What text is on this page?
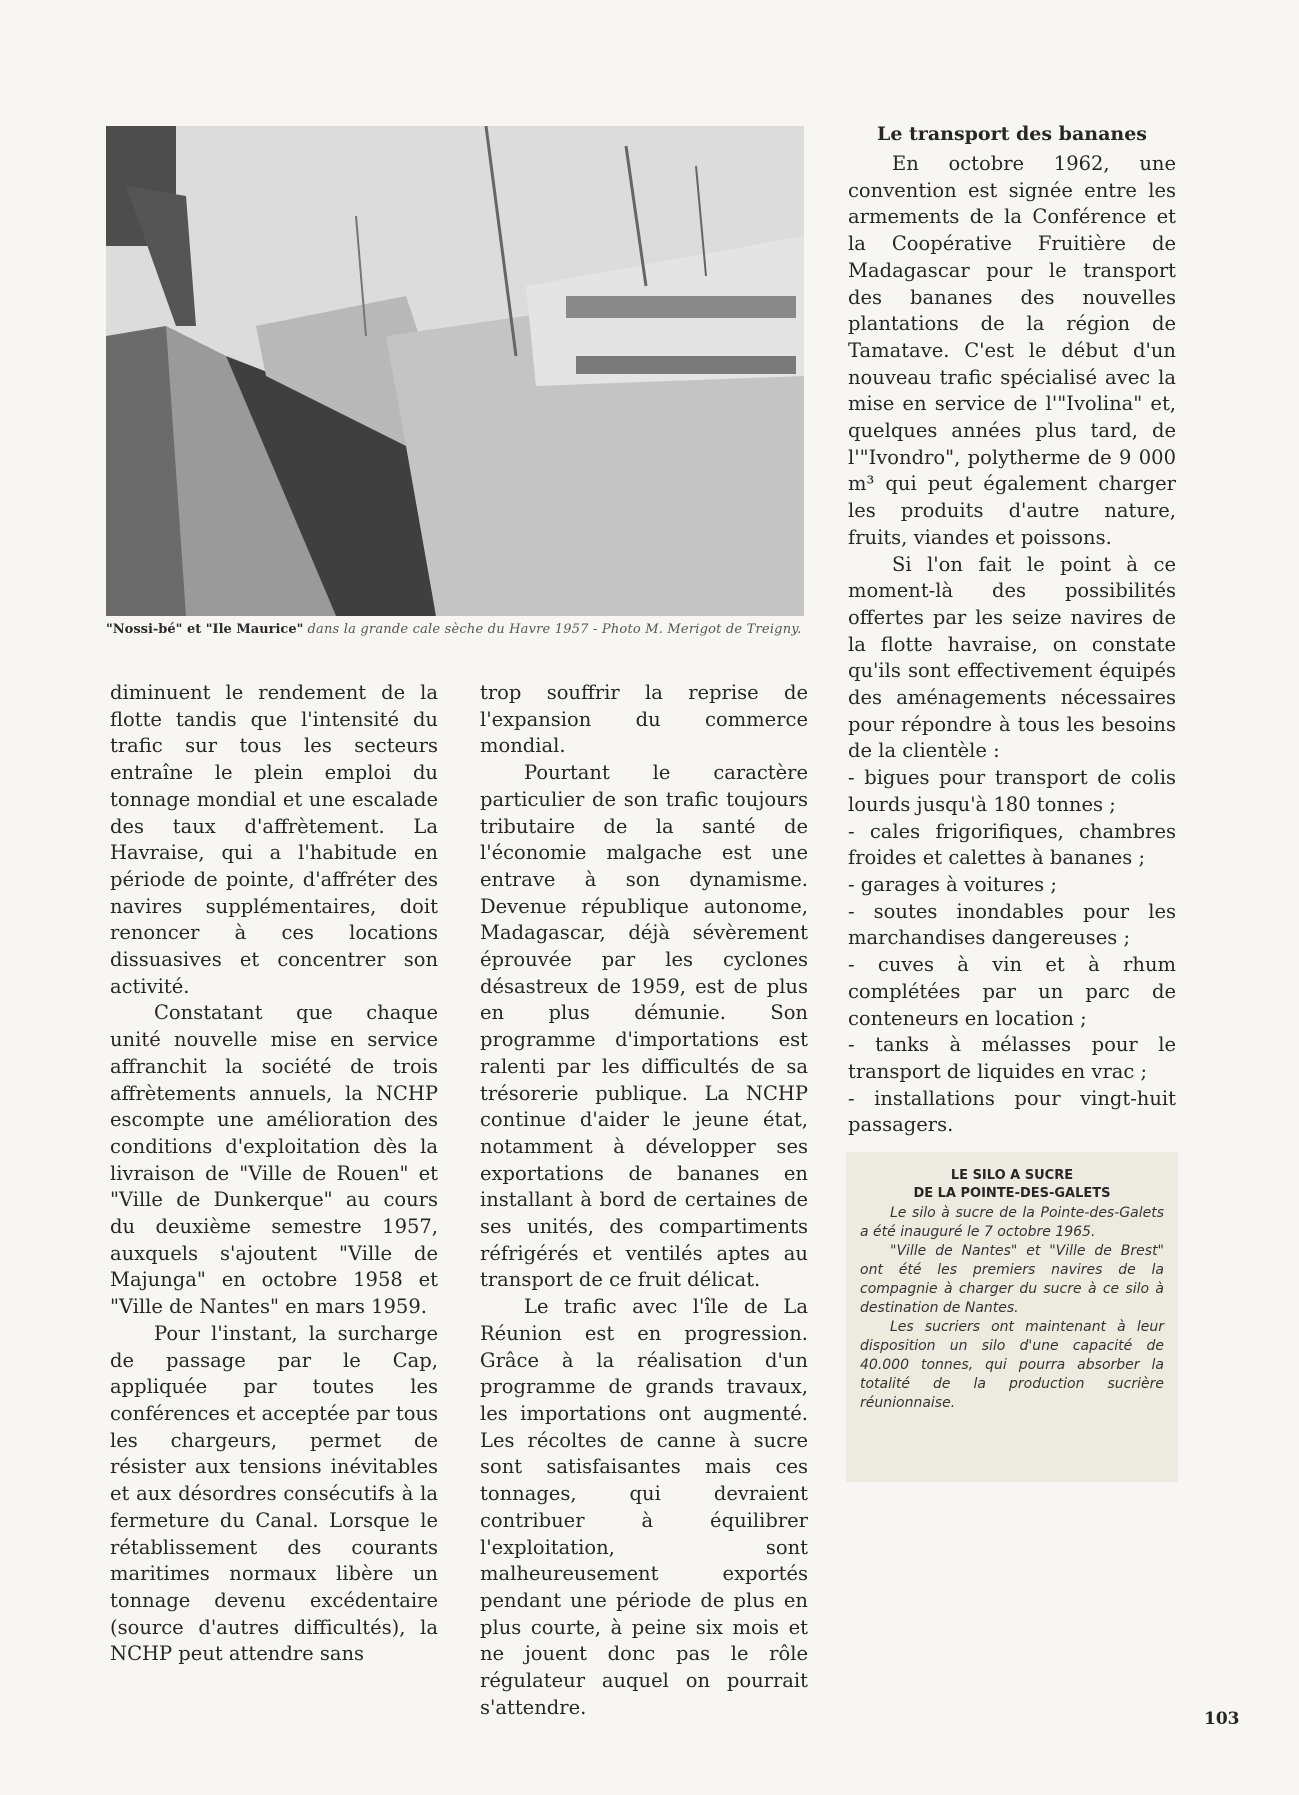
"Nossi-bé" et "Ile Maurice" dans la grande cale sèche du Havre 1957 - Photo M. Merigot de Treigny.

diminuent le rendement de la flotte tandis que l'intensité du trafic sur tous les secteurs entraîne le plein emploi du tonnage mondial et une escalade des taux d'affrètement. La Havraise, qui a l'habitude en période de pointe, d'affréter des navires supplémentaires, doit renoncer à ces locations dissuasives et concentrer son activité.

Constatant que chaque unité nouvelle mise en service affranchit la société de trois affrètements annuels, la NCHP escompte une amélioration des conditions d'exploitation dès la livraison de "Ville de Rouen" et "Ville de Dunkerque" au cours du deuxième semestre 1957, auxquels s'ajoutent "Ville de Majunga" en octobre 1958 et "Ville de Nantes" en mars 1959.

Pour l'instant, la surcharge de passage par le Cap, appliquée par toutes les conférences et acceptée par tous les chargeurs, permet de résister aux tensions inévitables et aux désordres consécutifs à la fermeture du Canal. Lorsque le rétablissement des courants maritimes normaux libère un tonnage devenu excédentaire (source d'autres difficultés), la NCHP peut attendre sans

trop souffrir la reprise de l'expansion du commerce mondial.

Pourtant le caractère particulier de son trafic toujours tributaire de la santé de l'économie malgache est une entrave à son dynamisme. Devenue république autonome, Madagascar, déjà sévèrement éprouvée par les cyclones désastreux de 1959, est de plus en plus démunie. Son programme d'importations est ralenti par les difficultés de sa trésorerie publique. La NCHP continue d'aider le jeune état, notamment à développer ses exportations de bananes en installant à bord de certaines de ses unités, des compartiments réfrigérés et ventilés aptes au transport de ce fruit délicat.

Le trafic avec l'île de La Réunion est en progression. Grâce à la réalisation d'un programme de grands travaux, les importations ont augmenté. Les récoltes de canne à sucre sont satisfaisantes mais ces tonnages, qui devraient contribuer à équilibrer l'exploitation, sont malheureusement exportés pendant une période de plus en plus courte, à peine six mois et ne jouent donc pas le rôle régulateur auquel on pourrait s'attendre.

Le transport des bananes

En octobre 1962, une convention est signée entre les armements de la Conférence et la Coopérative Fruitière de Madagascar pour le transport des bananes des nouvelles plantations de la région de Tamatave. C'est le début d'un nouveau trafic spécialisé avec la mise en service de l'"Ivolina" et, quelques années plus tard, de l'"Ivondro", polytherme de 9 000 m³ qui peut également charger les produits d'autre nature, fruits, viandes et poissons.

Si l'on fait le point à ce moment-là des possibilités offertes par les seize navires de la flotte havraise, on constate qu'ils sont effectivement équipés des aménagements nécessaires pour répondre à tous les besoins de la clientèle :

- bigues pour transport de colis lourds jusqu'à 180 tonnes ;

- cales frigorifiques, chambres froides et calettes à bananes ;

- garages à voitures ;

- soutes inondables pour les marchandises dangereuses ;

- cuves à vin et à rhum complétées par un parc de conteneurs en location ;

- tanks à mélasses pour le transport de liquides en vrac ;

- installations pour vingt-huit passagers.

LE SILO A SUCRE
DE LA POINTE-DES-GALETS

Le silo à sucre de la Pointe-des-Galets a été inauguré le 7 octobre 1965.

"Ville de Nantes" et "Ville de Brest" ont été les premiers navires de la compagnie à charger du sucre à ce silo à destination de Nantes.

Les sucriers ont maintenant à leur disposition un silo d'une capacité de 40.000 tonnes, qui pourra absorber la totalité de la production sucrière réunionnaise.

103
